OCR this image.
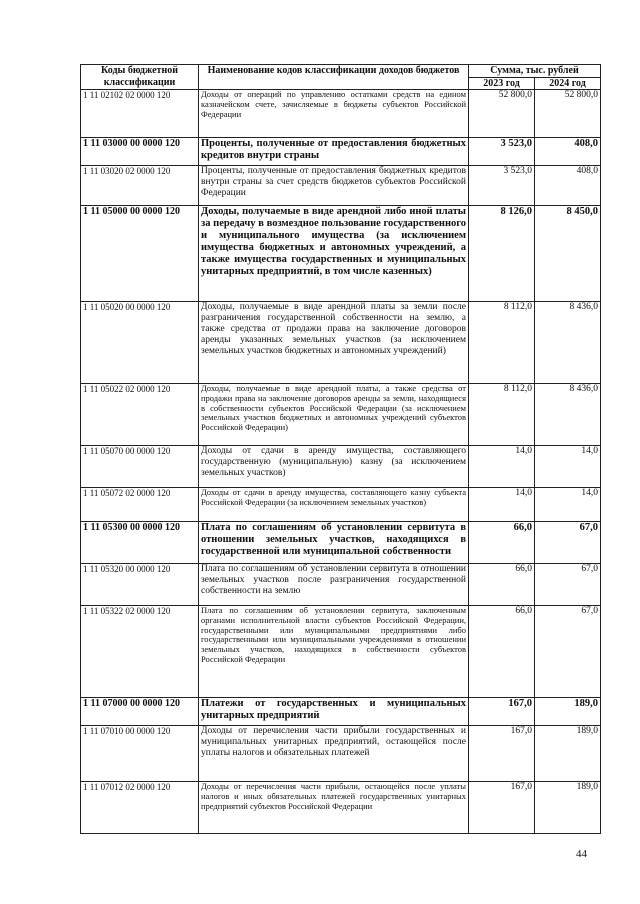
Коды бюджетной классификации	Наименование кодов классификации доходов бюджетов	Сумма, тыс. рублей	
		2023 год	2024 год
1 11 02102 02 0000 120	Доходы от операций по управлению остатками средств на едином казначейском счете, зачисляемые в бюджеты субъектов Российской Федерации	52 800,0	52 800,0
1 11 03000 00 0000 120	Проценты, полученные от предоставления бюджетных кредитов внутри страны	3 523,0	408,0
1 11 03020 02 0000 120	Проценты, полученные от предоставления бюджетных кредитов внутри страны за счет средств бюджетов субъектов Российской Федерации	3 523,0	408,0
1 11 05000 00 0000 120	Доходы, получаемые в виде арендной либо иной платы за передачу в возмездное пользование государственного и муниципального имущества (за исключением имущества бюджетных и автономных учреждений, а также имущества государственных и муниципальных унитарных предприятий, в том числе казенных)	8 126,0	8 450,0
1 11 05020 00 0000 120	Доходы, получаемые в виде арендной платы за земли после разграничения государственной собственности на землю, а также средства от продажи права на заключение договоров аренды указанных земельных участков (за исключением земельных участков бюджетных и автономных учреждений)	8 112,0	8 436,0
1 11 05022 02 0000 120	Доходы, получаемые в виде арендной платы, а также средства от продажи права на заключение договоров аренды за земли, находящиеся в собственности субъектов Российской Федерации (за исключением земельных участков бюджетных и автономных учреждений субъектов Российской Федерации)	8 112,0	8 436,0
1 11 05070 00 0000 120	Доходы от сдачи в аренду имущества, составляющего государственную (муниципальную) казну (за исключением земельных участков)	14,0	14,0
1 11 05072 02 0000 120	Доходы от сдачи в аренду имущества, составляющего казну субъекта Российской Федерации (за исключением земельных участков)	14,0	14,0
1 11 05300 00 0000 120	Плата по соглашениям об установлении сервитута в отношении земельных участков, находящихся в государственной или муниципальной собственности	66,0	67,0
1 11 05320 00 0000 120	Плата по соглашениям об установлении сервитута в отношении земельных участков после разграничения государственной собственности на землю	66,0	67,0
1 11 05322 02 0000 120	Плата по соглашениям об установлении сервитута, заключенным органами исполнительной власти субъектов Российской Федерации, государственными или муниципальными предприятиями либо государственными или муниципальными учреждениями в отношении земельных участков, находящихся в собственности субъектов Российской Федерации	66,0	67,0
1 11 07000 00 0000 120	Платежи от государственных и муниципальных унитарных предприятий	167,0	189,0
1 11 07010 00 0000 120	Доходы от перечисления части прибыли государственных и муниципальных унитарных предприятий, остающейся после уплаты налогов и обязательных платежей	167,0	189,0
1 11 07012 02 0000 120	Доходы от перечисления части прибыли, остающейся после уплаты налогов и иных обязательных платежей государственных унитарных предприятий субъектов Российской Федерации	167,0	189,0
44
